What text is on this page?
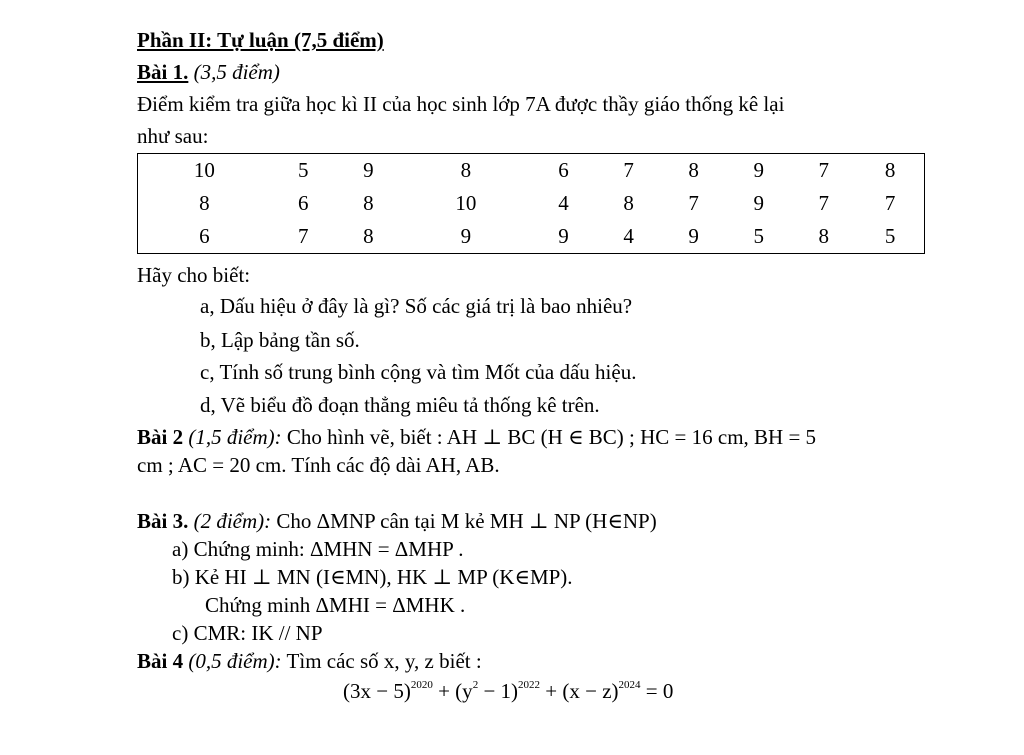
Phần II: Tự luận (7,5 điểm)
Bài 1. (3,5 điểm)
Điểm kiểm tra giữa học kì II của học sinh lớp 7A được thầy giáo thống kê lại
như sau:
10	5	9	8	6	7	8	9	7	8
8	6	8	10	4	8	7	9	7	7
6	7	8	9	9	4	9	5	8	5
Hãy cho biết:
a, Dấu hiệu ở đây là gì? Số các giá trị là bao nhiêu?
b, Lập bảng tần số.
c, Tính số trung bình cộng và tìm Mốt của dấu hiệu.
d, Vẽ biểu đồ đoạn thẳng miêu tả thống kê trên.
Bài 2 (1,5 điểm): Cho hình vẽ, biết : AH ⊥ BC (H ∈ BC) ; HC = 16 cm, BH = 5
cm ; AC = 20 cm. Tính các độ dài AH, AB.
Bài 3. (2 điểm): Cho ΔMNP cân tại M kẻ MH ⊥ NP (H∈NP)
a) Chứng minh: ΔMHN = ΔMHP .
b) Kẻ HI ⊥ MN (I∈MN), HK ⊥ MP (K∈MP).
Chứng minh ΔMHI = ΔMHK .
c) CMR: IK // NP
Bài 4 (0,5 điểm): Tìm các số x, y, z biết :
$(3x - 5)^{2020} + (y^2 - 1)^{2022} + (x - z)^{2024} = 0$
